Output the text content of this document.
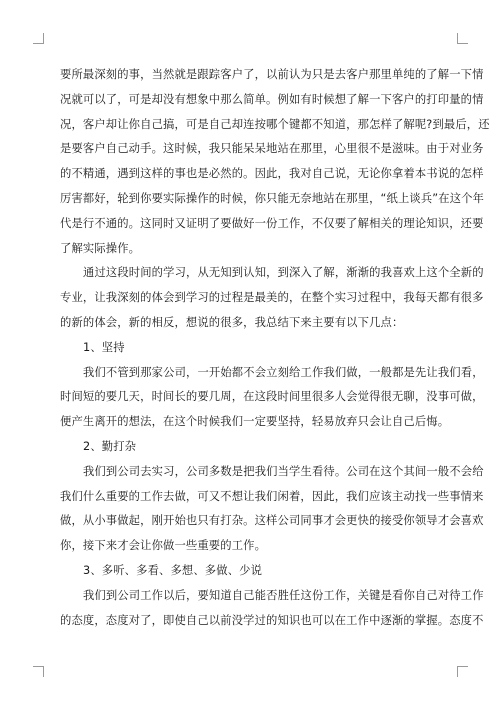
要所最深刻的事，当然就是跟踪客户了，以前认为只是去客户那里单纯的了解一下情
况就可以了，可是却没有想象中那么简单。例如有时候想了解一下客户的打印量的情
况，客户却让你自己搞，可是自己却连按哪个键都不知道，那怎样了解呢?到最后，还
是要客户自己动手。这时候，我只能呆呆地站在那里，心里很不是滋味。由于对业务
的不精通，遇到这样的事也是必然的。因此，我对自己说，无论你拿着本书说的怎样
厉害都好，轮到你要实际操作的时候，你只能无奈地站在那里，“纸上谈兵”在这个年
代是行不通的。这同时又证明了要做好一份工作，不仅要了解相关的理论知识，还要
了解实际操作。
通过这段时间的学习，从无知到认知，到深入了解，渐渐的我喜欢上这个全新的
专业，让我深刻的体会到学习的过程是最美的，在整个实习过程中，我每天都有很多
的新的体会，新的相反，想说的很多，我总结下来主要有以下几点：
1、坚持
我们不管到那家公司，一开始都不会立刻给工作我们做，一般都是先让我们看，
时间短的要几天，时间长的要几周，在这段时间里很多人会觉得很无聊，没事可做，
便产生离开的想法，在这个时候我们一定要坚持，轻易放弃只会让自己后悔。
2、勤打杂
我们到公司去实习，公司多数是把我们当学生看待。公司在这个其间一般不会给
我们什么重要的工作去做，可又不想让我们闲着，因此，我们应该主动找一些事情来
做，从小事做起，刚开始也只有打杂。这样公司同事才会更快的接受你领导才会喜欢
你，接下来才会让你做一些重要的工作。
3、多听、多看、多想、多做、少说
我们到公司工作以后，要知道自己能否胜任这份工作，关键是看你自己对待工作
的态度，态度对了，即使自己以前没学过的知识也可以在工作中逐渐的掌握。态度不
